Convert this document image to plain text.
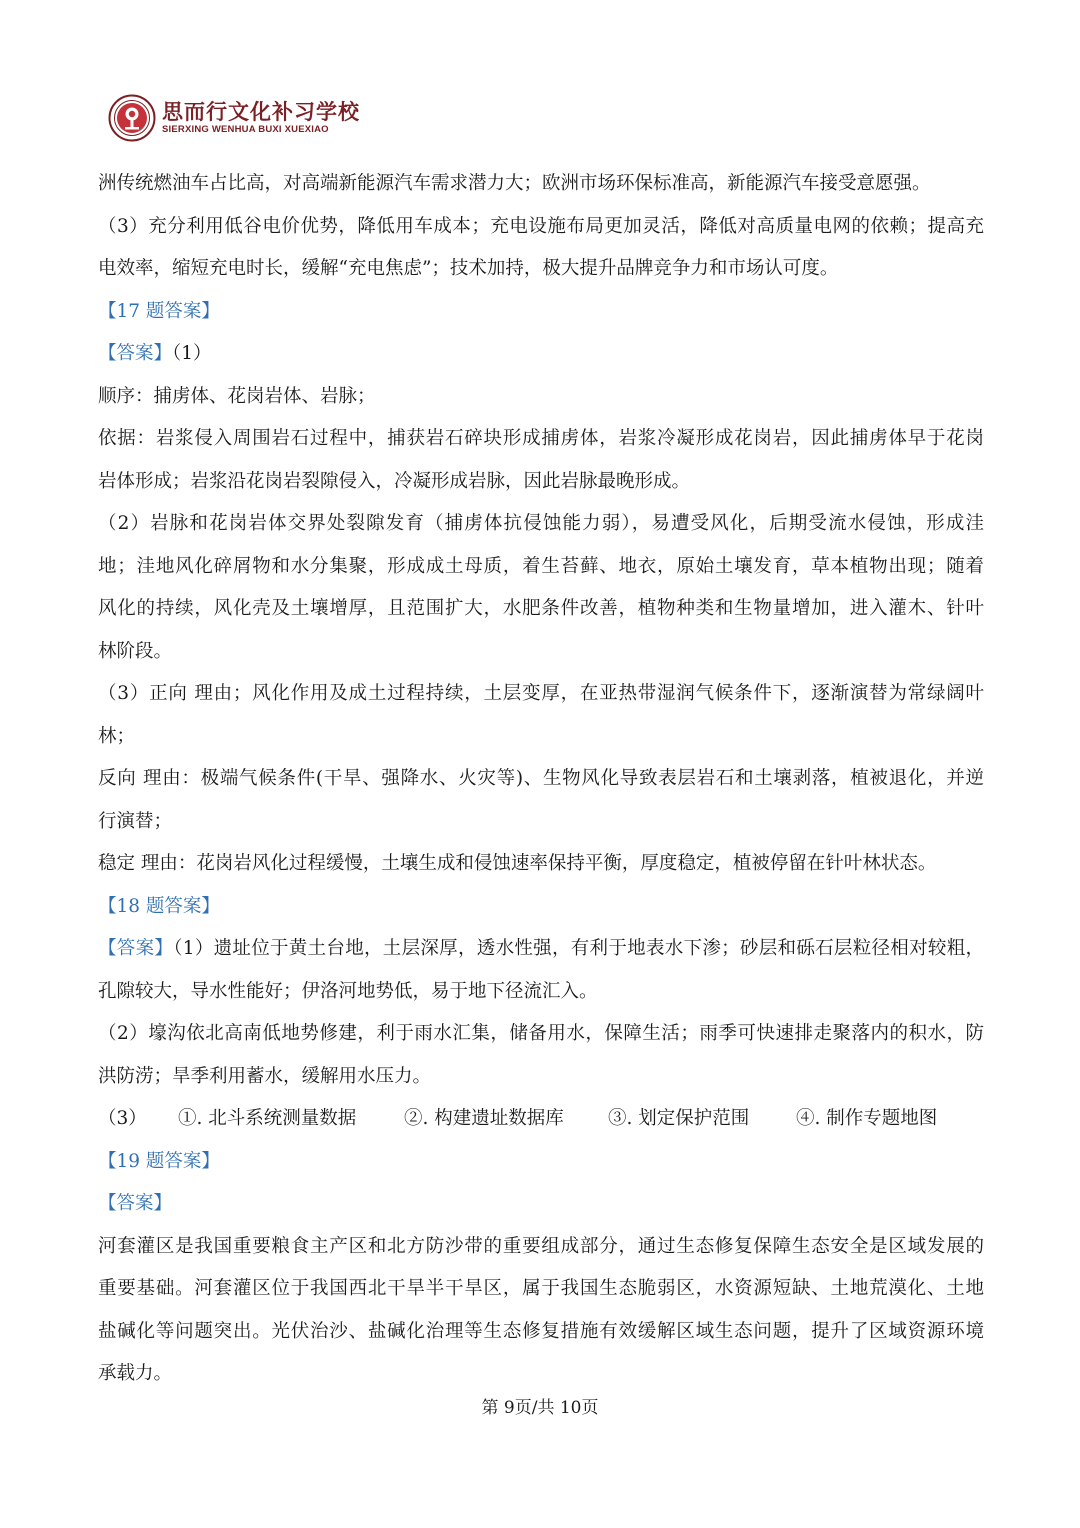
思而行文化补习学校
SIERXING WENHUA BUXI XUEXIAO
洲传统燃油车占比高，对高端新能源汽车需求潜力大；欧洲市场环保标准高，新能源汽车接受意愿强。
（3）充分利用低谷电价优势，降低用车成本；充电设施布局更加灵活，降低对高质量电网的依赖；提高充
电效率，缩短充电时长，缓解“充电焦虑”；技术加持，极大提升品牌竞争力和市场认可度。
【17 题答案】
【答案】（1）
顺序：捕虏体、花岗岩体、岩脉；
依据：岩浆侵入周围岩石过程中，捕获岩石碎块形成捕虏体，岩浆冷凝形成花岗岩，因此捕虏体早于花岗
岩体形成；岩浆沿花岗岩裂隙侵入，冷凝形成岩脉，因此岩脉最晚形成。
（2）岩脉和花岗岩体交界处裂隙发育（捕虏体抗侵蚀能力弱），易遭受风化，后期受流水侵蚀，形成洼
地；洼地风化碎屑物和水分集聚，形成成土母质，着生苔藓、地衣，原始土壤发育，草本植物出现；随着
风化的持续，风化壳及土壤增厚，且范围扩大，水肥条件改善，植物种类和生物量增加，进入灌木、针叶
林阶段。
（3）正向 理由；风化作用及成土过程持续，土层变厚，在亚热带湿润气候条件下，逐渐演替为常绿阔叶
林；
反向 理由：极端气候条件(干旱、强降水、火灾等)、生物风化导致表层岩石和土壤剥落，植被退化，并逆
行演替；
稳定 理由：花岗岩风化过程缓慢，土壤生成和侵蚀速率保持平衡，厚度稳定，植被停留在针叶林状态。
【18 题答案】
【答案】（1）遗址位于黄土台地，土层深厚，透水性强，有利于地表水下渗；砂层和砾石层粒径相对较粗，
孔隙较大，导水性能好；伊洛河地势低，易于地下径流汇入。
（2）壕沟依北高南低地势修建，利于雨水汇集，储备用水，保障生活；雨季可快速排走聚落内的积水，防
洪防涝；旱季利用蓄水，缓解用水压力。
（3）	①. 北斗系统测量数据	②. 构建遗址数据库	③. 划定保护范围	④. 制作专题地图
【19 题答案】
【答案】
河套灌区是我国重要粮食主产区和北方防沙带的重要组成部分，通过生态修复保障生态安全是区域发展的
重要基础。河套灌区位于我国西北干旱半干旱区，属于我国生态脆弱区，水资源短缺、土地荒漠化、土地
盐碱化等问题突出。光伏治沙、盐碱化治理等生态修复措施有效缓解区域生态问题，提升了区域资源环境
承载力。
第 9页/共 10页
